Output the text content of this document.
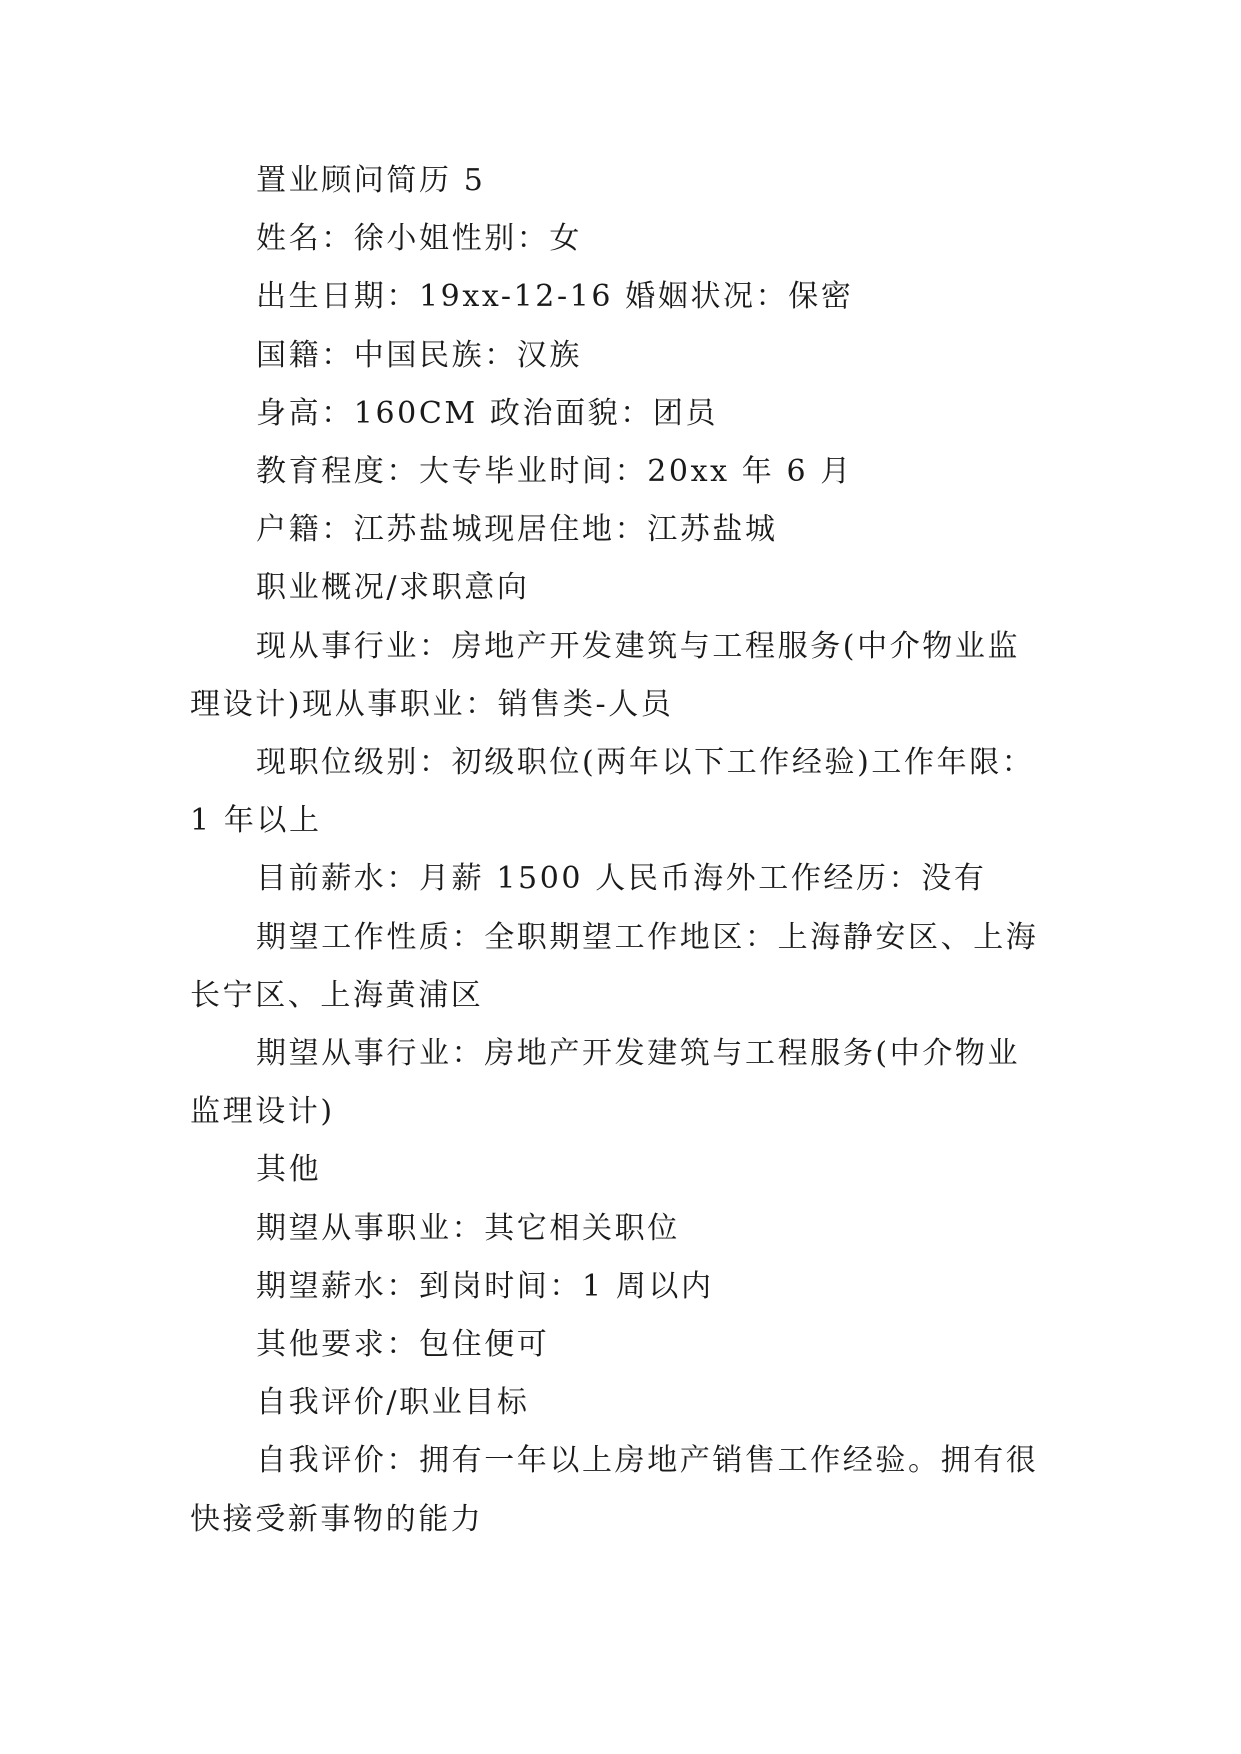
置业顾问简历 5

姓名：徐小姐性别：女

出生日期：19xx-12-16 婚姻状况：保密

国籍：中国民族：汉族

身高：160CM 政治面貌：团员

教育程度：大专毕业时间：20xx 年 6 月

户籍：江苏盐城现居住地：江苏盐城

职业概况/求职意向

现从事行业：房地产开发建筑与工程服务(中介物业监

理设计)现从事职业：销售类-人员

现职位级别：初级职位(两年以下工作经验)工作年限：

1 年以上

目前薪水：月薪 1500 人民币海外工作经历：没有

期望工作性质：全职期望工作地区：上海静安区、上海

长宁区、上海黄浦区

期望从事行业：房地产开发建筑与工程服务(中介物业

监理设计)

其他

期望从事职业：其它相关职位

期望薪水：到岗时间：1 周以内

其他要求：包住便可

自我评价/职业目标

自我评价：拥有一年以上房地产销售工作经验。拥有很

快接受新事物的能力
